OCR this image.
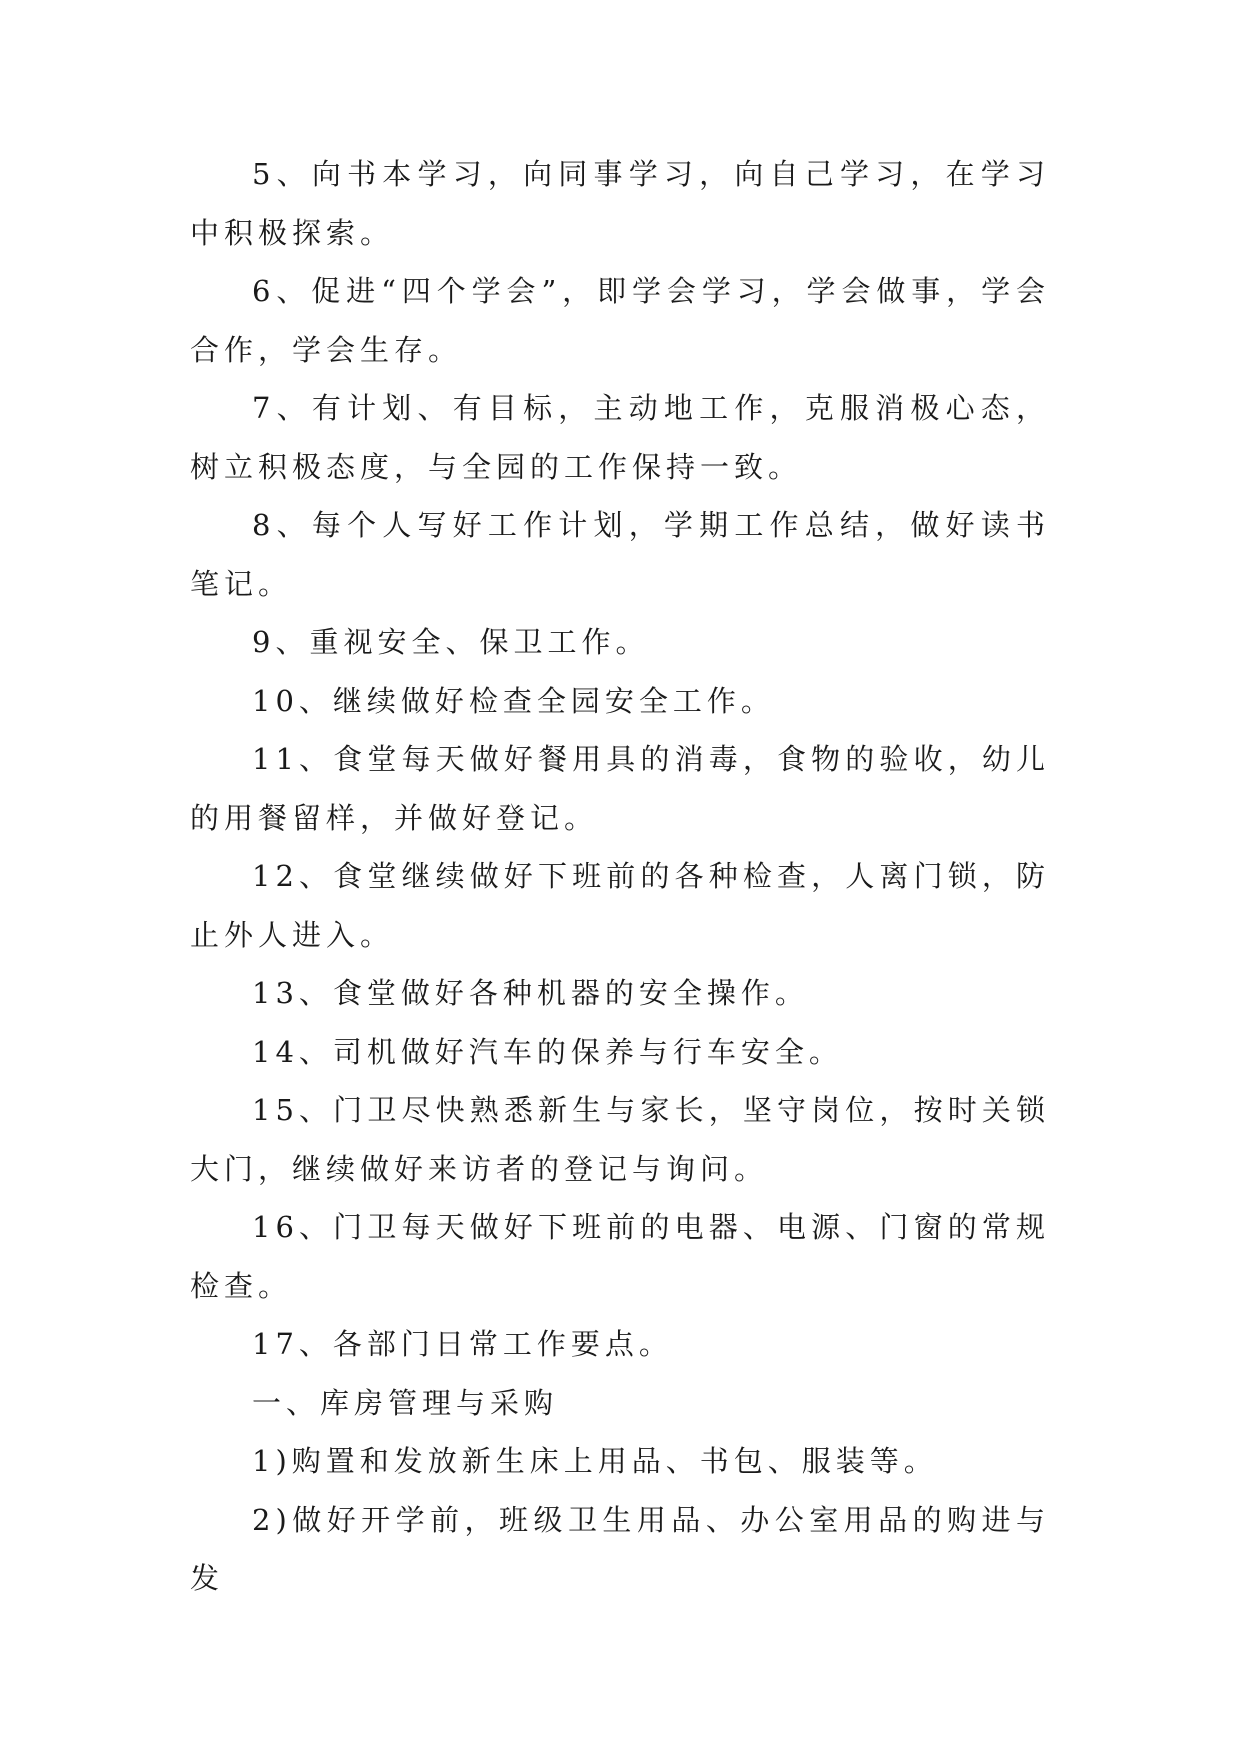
5、向书本学习，向同事学习，向自己学习，在学习中积极探索。

6、促进“四个学会”，即学会学习，学会做事，学会合作，学会生存。

7、有计划、有目标，主动地工作，克服消极心态，树立积极态度，与全园的工作保持一致。

8、每个人写好工作计划，学期工作总结，做好读书笔记。

9、重视安全、保卫工作。

10、继续做好检查全园安全工作。

11、食堂每天做好餐用具的消毒，食物的验收，幼儿的用餐留样，并做好登记。

12、食堂继续做好下班前的各种检查，人离门锁，防止外人进入。

13、食堂做好各种机器的安全操作。

14、司机做好汽车的保养与行车安全。

15、门卫尽快熟悉新生与家长，坚守岗位，按时关锁大门，继续做好来访者的登记与询问。

16、门卫每天做好下班前的电器、电源、门窗的常规检查。

17、各部门日常工作要点。

一、库房管理与采购

1)购置和发放新生床上用品、书包、服装等。

2)做好开学前，班级卫生用品、办公室用品的购进与发
